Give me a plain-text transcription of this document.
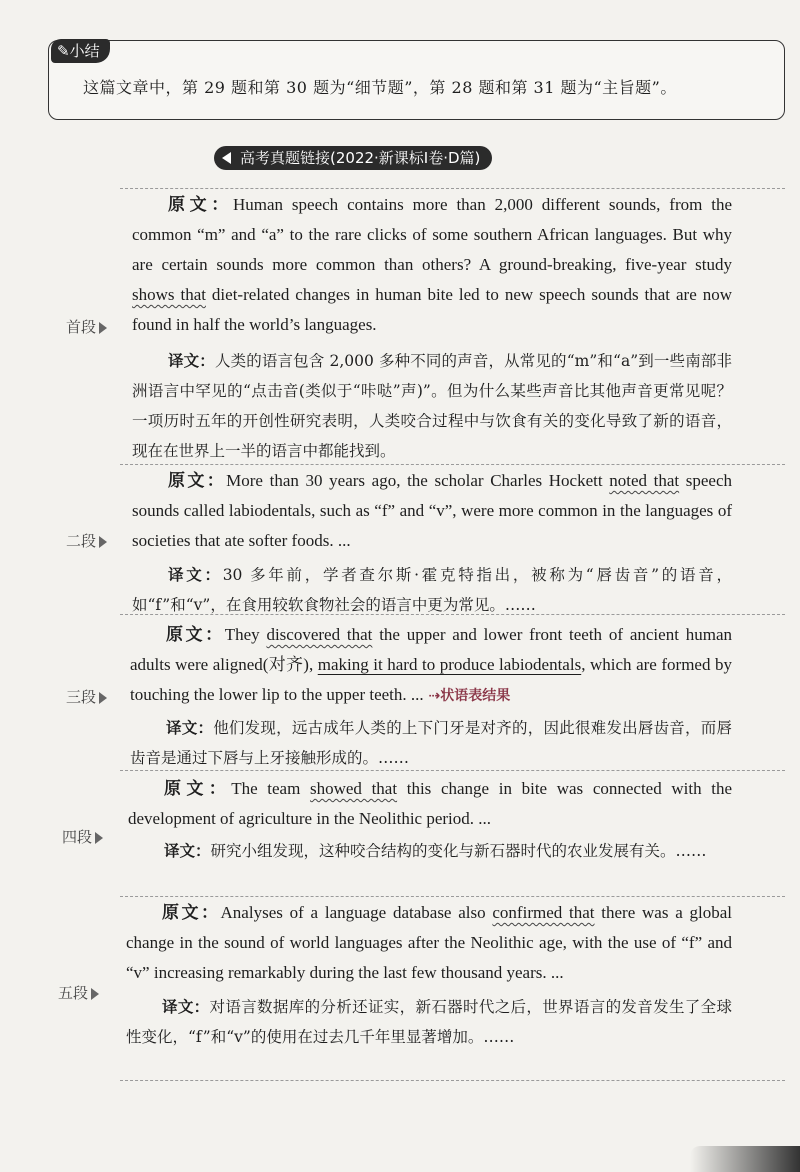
✎小结
这篇文章中，第 29 题和第 30 题为“细节题”，第 28 题和第 31 题为“主旨题”。
高考真题链接(2022·新课标Ⅰ卷·D篇)
首段

原文：Human speech contains more than 2,000 different sounds, from the common “m” and “a” to the rare clicks of some southern African languages. But why are certain sounds more common than others? A ground-breaking, five-year study shows that diet-related changes in human bite led to new speech sounds that are now found in half the world’s languages.

译文：人类的语言包含 2,000 多种不同的声音，从常见的“m”和“a”到一些南部非洲语言中罕见的“点击音(类似于“咔哒”声)”。但为什么某些声音比其他声音更常见呢？一项历时五年的开创性研究表明，人类咬合过程中与饮食有关的变化导致了新的语音，现在在世界上一半的语言中都能找到。

二段

原文：More than 30 years ago, the scholar Charles Hockett noted that speech sounds called labiodentals, such as “f” and “v”, were more common in the languages of societies that ate softer foods. ...

译文：30 多年前，学者查尔斯·霍克特指出，被称为“唇齿音”的语音，如“f”和“v”，在食用较软食物社会的语言中更为常见。……

三段

原文：They discovered that the upper and lower front teeth of ancient human adults were aligned(对齐), making it hard to produce labiodentals, which are formed by touching the lower lip to the upper teeth. ... ⇢状语表结果

译文：他们发现，远古成年人类的上下门牙是对齐的，因此很难发出唇齿音，而唇齿音是通过下唇与上牙接触形成的。……

四段

原文：The team showed that this change in bite was connected with the development of agriculture in the Neolithic period. ...

译文：研究小组发现，这种咬合结构的变化与新石器时代的农业发展有关。……

五段

原文：Analyses of a language database also confirmed that there was a global change in the sound of world languages after the Neolithic age, with the use of “f” and “v” increasing remarkably during the last few thousand years. ...

译文：对语言数据库的分析还证实，新石器时代之后，世界语言的发音发生了全球性变化，“f”和“v”的使用在过去几千年里显著增加。……
